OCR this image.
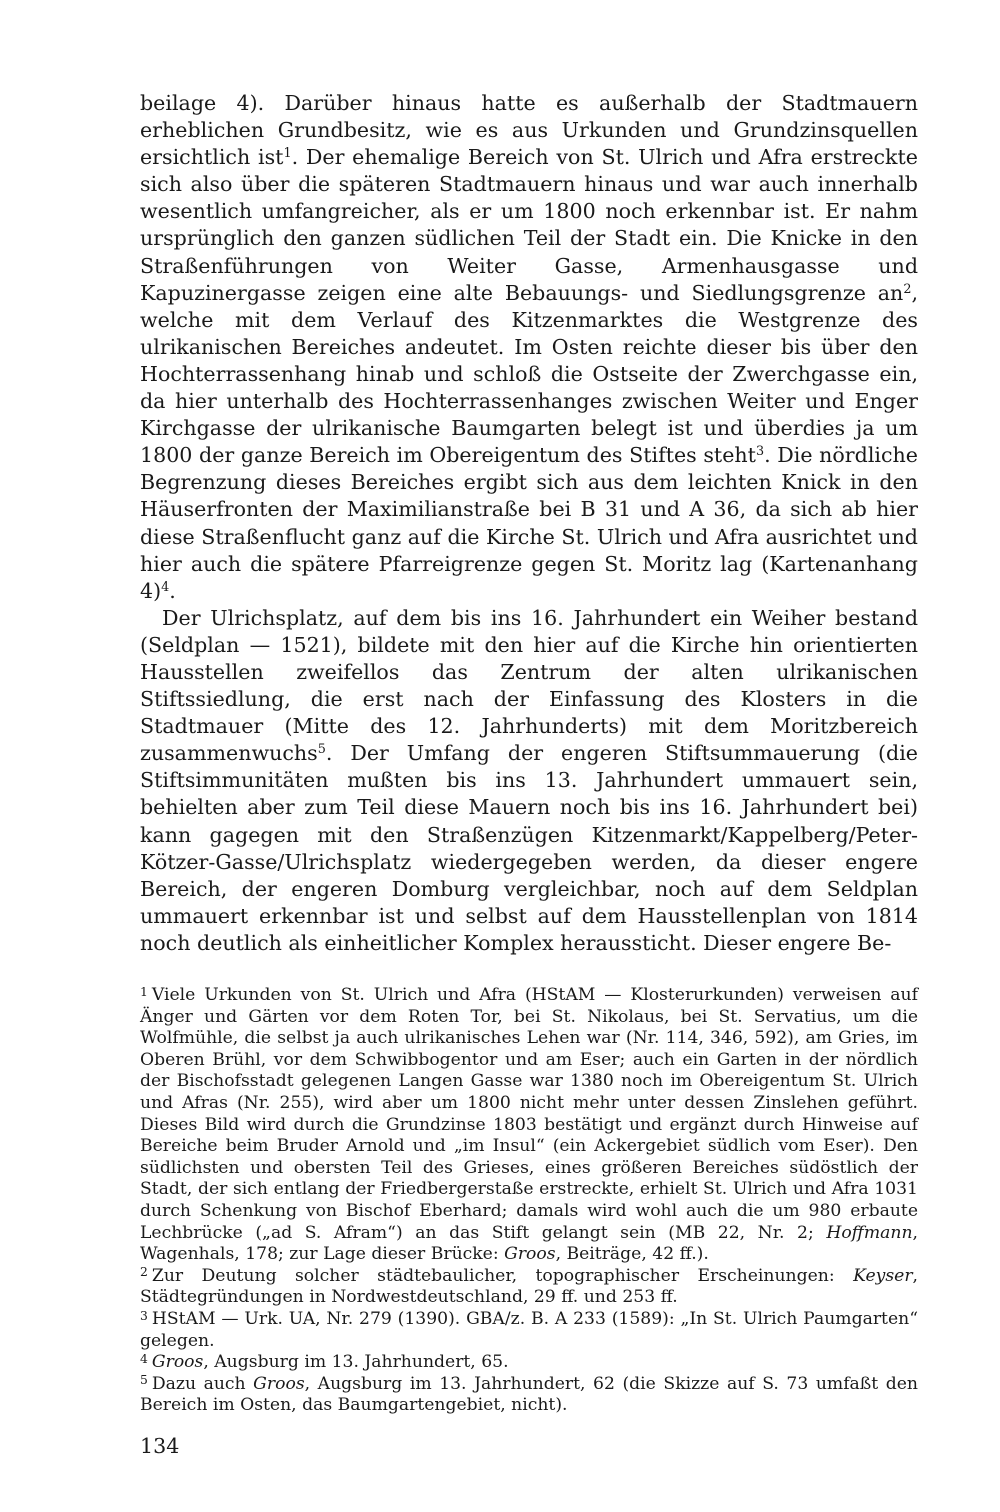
beilage 4). Darüber hinaus hatte es außerhalb der Stadtmauern erheblichen Grundbesitz, wie es aus Urkunden und Grundzinsquellen ersichtlich ist$^1$. Der ehemalige Bereich von St. Ulrich und Afra erstreckte sich also über die späteren Stadtmauern hinaus und war auch innerhalb wesentlich umfangreicher, als er um 1800 noch erkennbar ist. Er nahm ursprünglich den ganzen südlichen Teil der Stadt ein. Die Knicke in den Straßenführungen von Weiter Gasse, Armenhausgasse und Kapuzinergasse zeigen eine alte Bebauungs- und Siedlungsgrenze $an^2$, welche mit dem Verlauf des Kitzenmarktes die Westgrenze des ulrikanischen Bereiches andeutet. Im Osten reichte dieser bis über den Hochterrassenhang hinab und schloß die Ostseite der Zwerchgasse ein, da hier unterhalb des Hochterrassenhanges zwischen Weiter und Enger Kirchgasse der ulrikanische Baumgarten belegt ist und überdies ja um 1800 der ganze Bereich im Obereigentum des Stiftes steht$^3$. Die nördliche Begrenzung dieses Bereiches ergibt sich aus dem leichten Knick in den Häuserfronten der Maximilianstraße bei B 31 und A 36, da sich ab hier diese Straßenflucht ganz auf die Kirche St. Ulrich und Afra ausrichtet und hier auch die spätere Pfarreigrenze gegen St. Moritz lag (Kartenanhang 4)$^4$.

Der Ulrichsplatz, auf dem bis ins 16. Jahrhundert ein Weiher bestand (Seldplan — 1521), bildete mit den hier auf die Kirche hin orientierten Hausstellen zweifellos das Zentrum der alten ulrikanischen Stiftssiedlung, die erst nach der Einfassung des Klosters in die Stadtmauer (Mitte des 12. Jahrhunderts) mit dem Moritzbereich zusammenwuchs$^5$. Der Umfang der engeren Stiftsummauerung (die Stiftsimmunitäten mußten bis ins 13. Jahrhundert ummauert sein, behielten aber zum Teil diese Mauern noch bis ins 16. Jahrhundert bei) kann gagegen mit den Straßenzügen Kitzenmarkt/Kappelberg/Peter-Kötzer-Gasse/Ulrichsplatz wiedergegeben werden, da dieser engere Bereich, der engeren Domburg vergleichbar, noch auf dem Seldplan ummauert erkennbar ist und selbst auf dem Hausstellenplan von 1814 noch deutlich als einheitlicher Komplex heraussticht. Dieser engere Be-

$^1$ Viele Urkunden von St. Ulrich und Afra (HStAM — Klosterurkunden) verweisen auf Änger und Gärten vor dem Roten Tor, bei St. Nikolaus, bei St. Servatius, um die Wolfmühle, die selbst ja auch ulrikanisches Lehen war (Nr. 114, 346, 592), am Gries, im Oberen Brühl, vor dem Schwibbogentor und am Eser; auch ein Garten in der nördlich der Bischofsstadt gelegenen Langen Gasse war 1380 noch im Obereigentum St. Ulrich und Afras (Nr. 255), wird aber um 1800 nicht mehr unter dessen Zinslehen geführt. Dieses Bild wird durch die Grundzinse 1803 bestätigt und ergänzt durch Hinweise auf Bereiche beim Bruder Arnold und „im Insul“ (ein Ackergebiet südlich vom Eser). Den südlichsten und obersten Teil des Grieses, eines größeren Bereiches südöstlich der Stadt, der sich entlang der Friedbergerstaße erstreckte, erhielt St. Ulrich und Afra 1031 durch Schenkung von Bischof Eberhard; damals wird wohl auch die um 980 erbaute Lechbrücke („ad S. Afram“) an das Stift gelangt sein (MB 22, Nr. 2; Hoffmann, Wagenhals, 178; zur Lage dieser Brücke: Groos, Beiträge, 42 ff.).

$^2$ Zur Deutung solcher städtebaulicher, topographischer Erscheinungen: Keyser, Städtegründungen in Nordwestdeutschland, 29 ff. und 253 ff.

$^3$ HStAM — Urk. UA, Nr. 279 (1390). GBA/z. B. A 233 (1589): „In St. Ulrich Paumgarten“ gelegen.

$^4$ Groos, Augsburg im 13. Jahrhundert, 65.

$^5$ Dazu auch Groos, Augsburg im 13. Jahrhundert, 62 (die Skizze auf S. 73 umfaßt den Bereich im Osten, das Baumgartengebiet, nicht).

134
